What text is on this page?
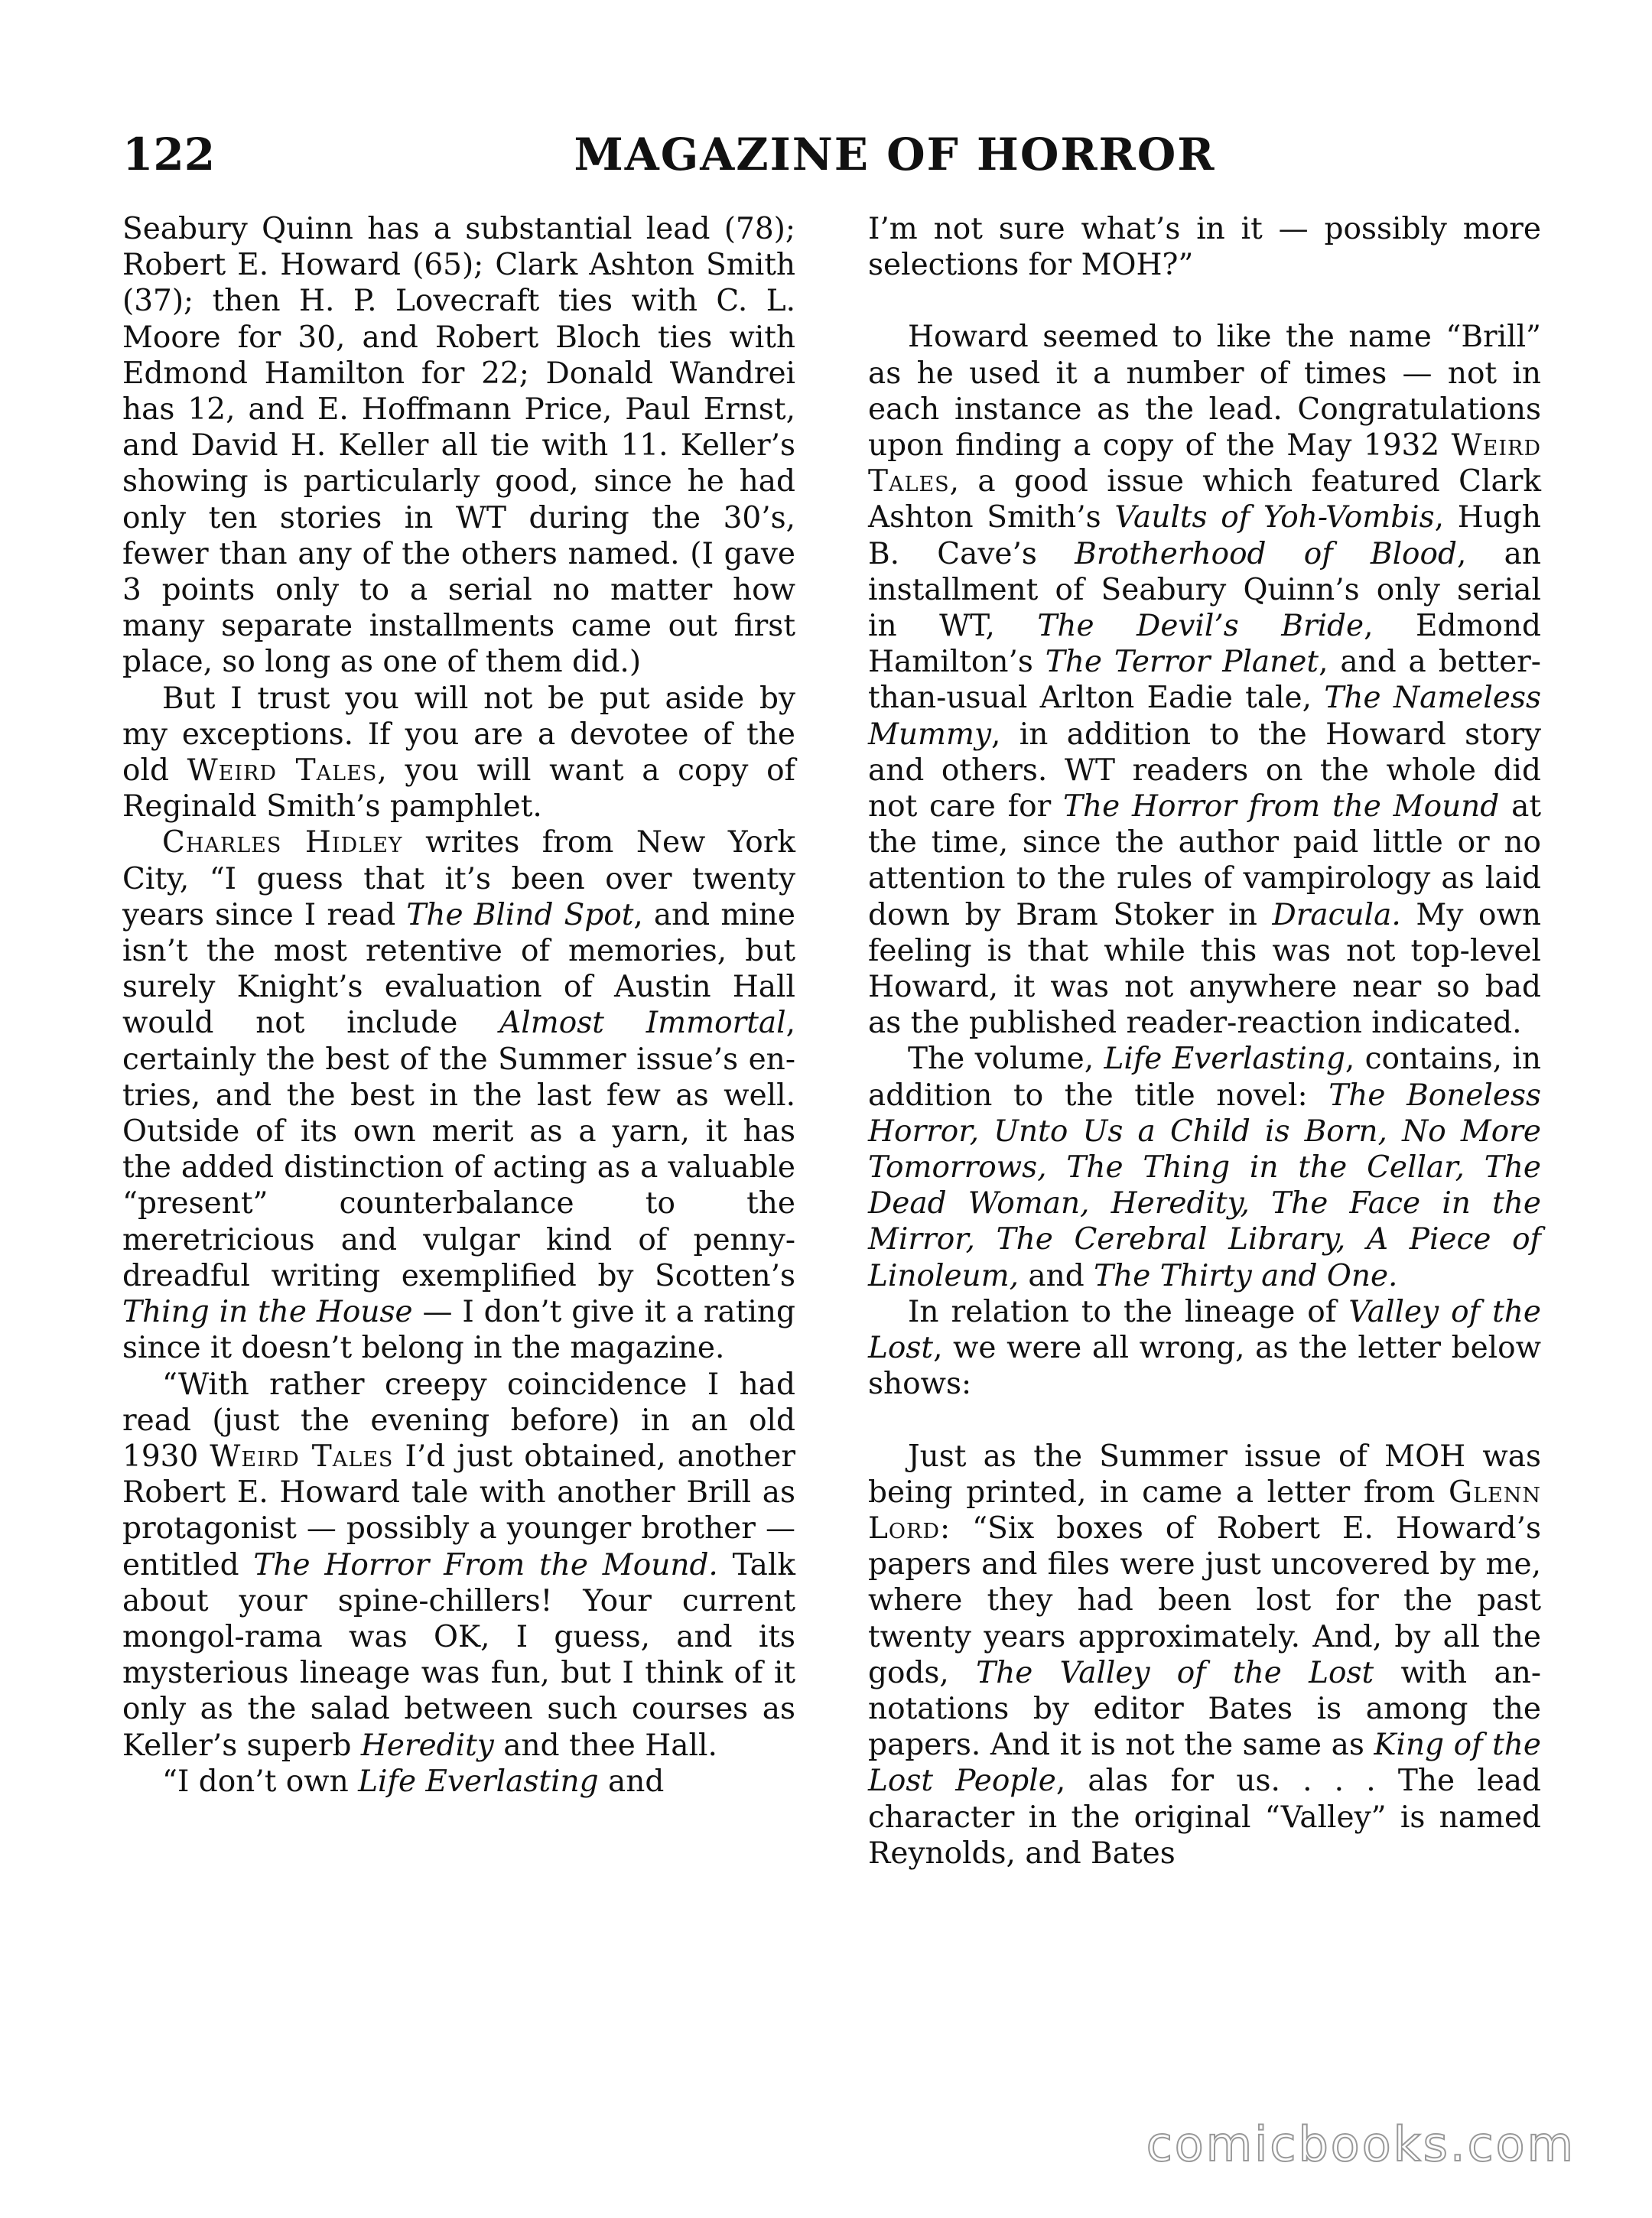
122	MAGAZINE OF HORROR

Seabury Quinn has a substantial lead (78); Robert E. Howard (65); Clark Ashton Smith (37); then H. P. Lovecraft ties with C. L. Moore for 30, and Robert Bloch ties with Edmond Hamilton for 22; Donald Wandrei has 12, and E. Hoffmann Price, Paul Ernst, and David H. Keller all tie with 11. Keller’s showing is particularly good, since he had only ten stories in WT during the 30’s, fewer than any of the others named. (I gave 3 points only to a serial no matter how many separate installments came out first place, so long as one of them did.)

But I trust you will not be put aside by my exceptions. If you are a devotee of the old Weird Tales, you will want a copy of Reginald Smith’s pamphlet.

Charles Hidley writes from New York City, “I guess that it’s been over twenty years since I read The Blind Spot, and mine isn’t the most retentive of memories, but surely Knight’s evaluation of Austin Hall would not include Almost Immortal, certainly the best of the Summer issue’s entries, and the best in the last few as well. Outside of its own merit as a yarn, it has the added distinction of acting as a valuable “present” counterbalance to the meretricious and vulgar kind of penny-dreadful writing exemplified by Scotten’s Thing in the House — I don’t give it a rating since it doesn’t belong in the magazine.

“With rather creepy coincidence I had read (just the evening before) in an old 1930 Weird Tales I’d just obtained, another Robert E. Howard tale with another Brill as protagonist — possibly a younger brother — entitled The Horror From the Mound. Talk about your spine-chillers! Your current mongol-rama was OK, I guess, and its mysterious lineage was fun, but I think of it only as the salad between such courses as Keller’s superb Heredity and thee Hall.

“I don’t own Life Everlasting and

I’m not sure what’s in it — possibly more selections for MOH?”

Howard seemed to like the name “Brill” as he used it a number of times — not in each instance as the lead. Congratulations upon finding a copy of the May 1932 Weird Tales, a good issue which featured Clark Ashton Smith’s Vaults of Yoh-Vombis, Hugh B. Cave’s Brotherhood of Blood, an installment of Seabury Quinn’s only serial in WT, The Devil’s Bride, Edmond Hamilton’s The Terror Planet, and a better-than-usual Arlton Eadie tale, The Nameless Mummy, in addition to the Howard story and others. WT readers on the whole did not care for The Horror from the Mound at the time, since the author paid little or no attention to the rules of vampirology as laid down by Bram Stoker in Dracula. My own feeling is that while this was not top-level Howard, it was not anywhere near so bad as the published reader-reaction indicated.

The volume, Life Everlasting, contains, in addition to the title novel: The Boneless Horror, Unto Us a Child is Born, No More Tomorrows, The Thing in the Cellar, The Dead Woman, Heredity, The Face in the Mirror, The Cerebral Library, A Piece of Linoleum, and The Thirty and One.

In relation to the lineage of Valley of the Lost, we were all wrong, as the letter below shows:

Just as the Summer issue of MOH was being printed, in came a letter from Glenn Lord: “Six boxes of Robert E. Howard’s papers and files were just uncovered by me, where they had been lost for the past twenty years approximately. And, by all the gods, The Valley of the Lost with annotations by editor Bates is among the papers. And it is not the same as King of the Lost People, alas for us. . . . The lead character in the original “Valley” is named Reynolds, and Bates

comicbooks.com
